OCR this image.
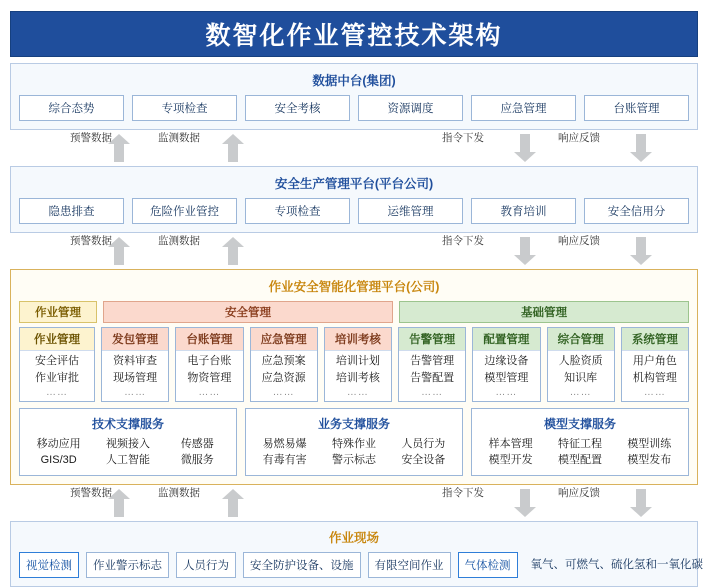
数智化作业管控技术架构
数据中台(集团)
综合态势	专项检查	安全考核	资源调度	应急管理	台账管理
预警数据	监测数据	指令下发	响应反馈
安全生产管理平台(平台公司)
隐患排查	危险作业管控	专项检查	运维管理	教育培训	安全信用分
预警数据	监测数据	指令下发	响应反馈
作业安全智能化管理平台(公司)
作业管理	安全管理	基础管理
作业管理
安全评估
作业审批
……
发包管理
资料审查
现场管理
……
台账管理
电子台账
物资管理
……
应急管理
应急预案
应急资源
……
培训考核
培训计划
培训考核
……
告警管理
告警管理
告警配置
……
配置管理
边缘设备
模型管理
……
综合管理
人脸资质
知识库
……
系统管理
用户角色
机构管理
……
技术支撑服务
移动应用
GIS/3D
视频接入
人工智能
传感器
微服务
业务支撑服务
易燃易爆
有毒有害
特殊作业
警示标志
人员行为
安全设备
模型支撑服务
样本管理
模型开发
特征工程
模型配置
模型训练
模型发布
预警数据	监测数据	指令下发	响应反馈
作业现场
视觉检测	作业警示标志	人员行为	安全防护设备、设施	有限空间作业	气体检测	氧气、可燃气、硫化氢和一氧化碳
